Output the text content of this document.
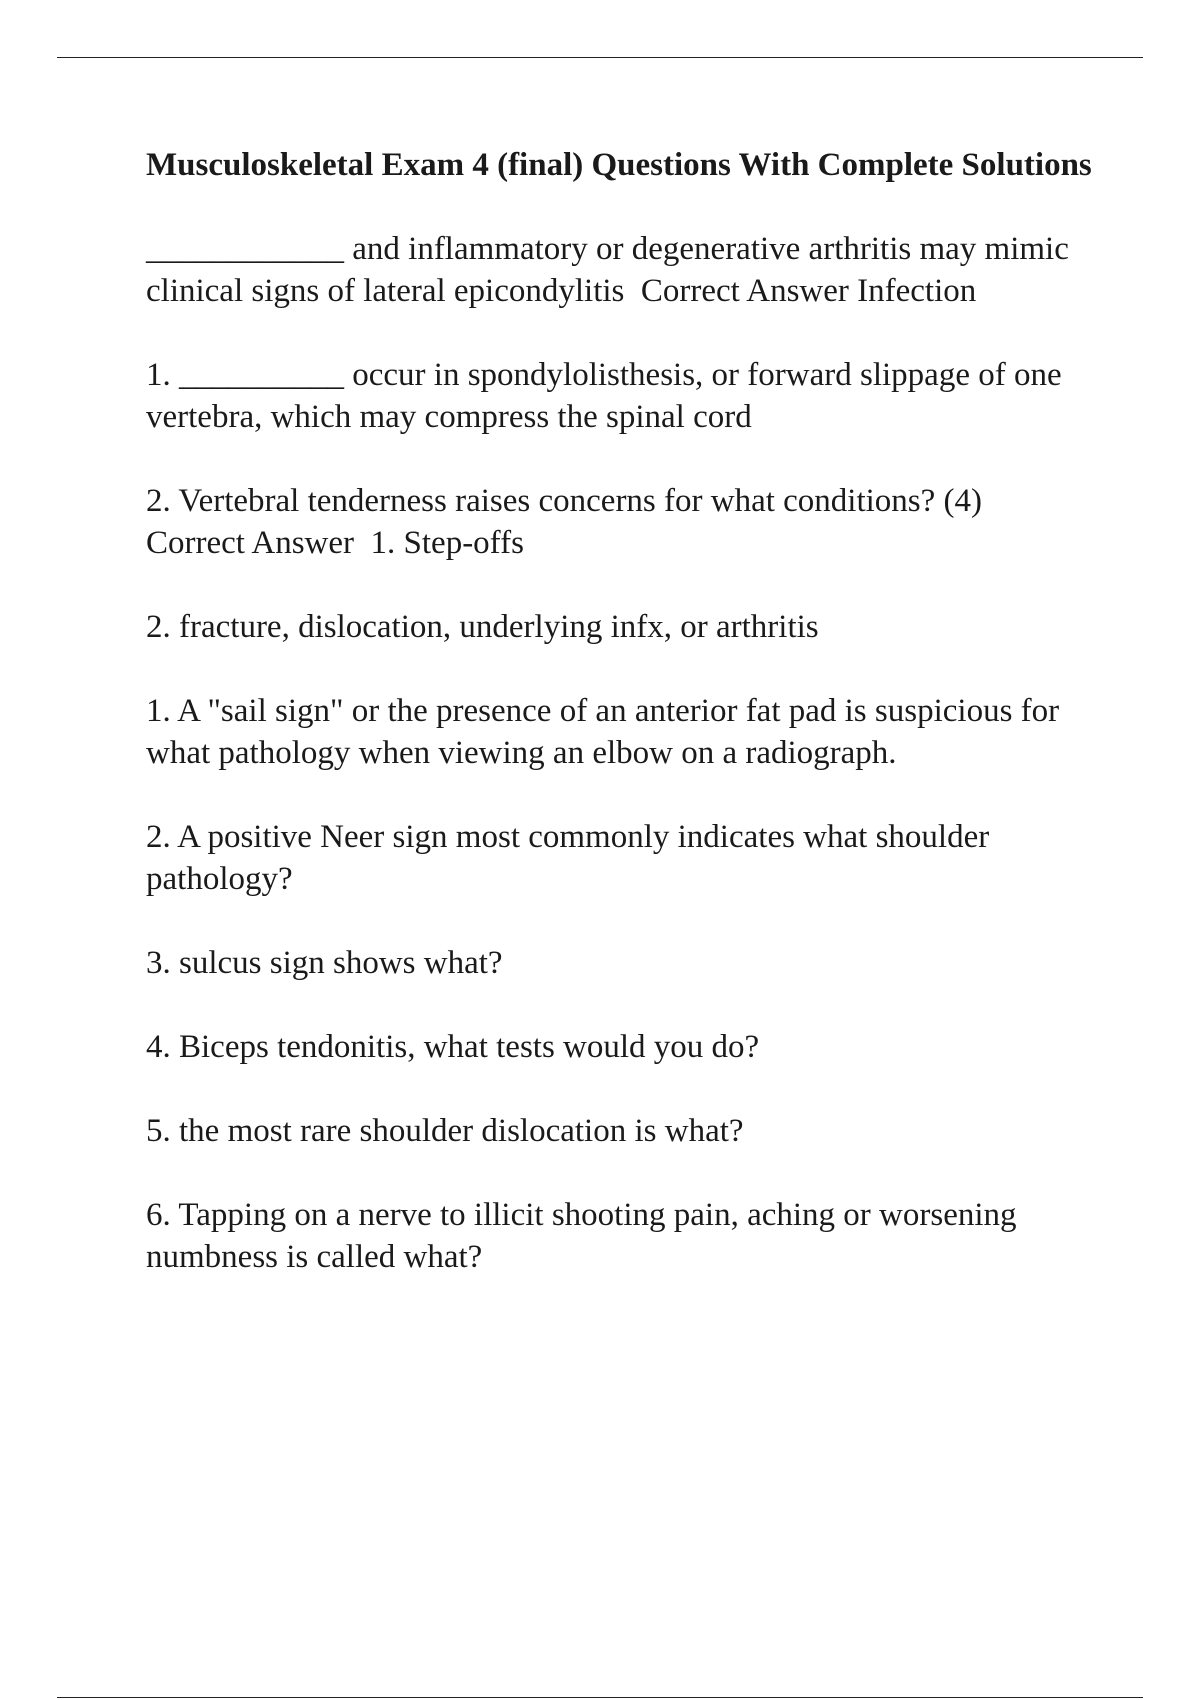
Musculoskeletal Exam 4 (final) Questions With Complete Solutions

____________ and inflammatory or degenerative arthritis may mimic clinical signs of lateral epicondylitis  Correct Answer Infection

1. __________ occur in spondylolisthesis, or forward slippage of one vertebra, which may compress the spinal cord

2. Vertebral tenderness raises concerns for what conditions? (4)  Correct Answer  1. Step-offs

2. fracture, dislocation, underlying infx, or arthritis

1. A "sail sign" or the presence of an anterior fat pad is suspicious for what pathology when viewing an elbow on a radiograph.

2. A positive Neer sign most commonly indicates what shoulder pathology?

3. sulcus sign shows what?

4. Biceps tendonitis, what tests would you do?

5. the most rare shoulder dislocation is what?

6. Tapping on a nerve to illicit shooting pain, aching or worsening numbness is called what?
